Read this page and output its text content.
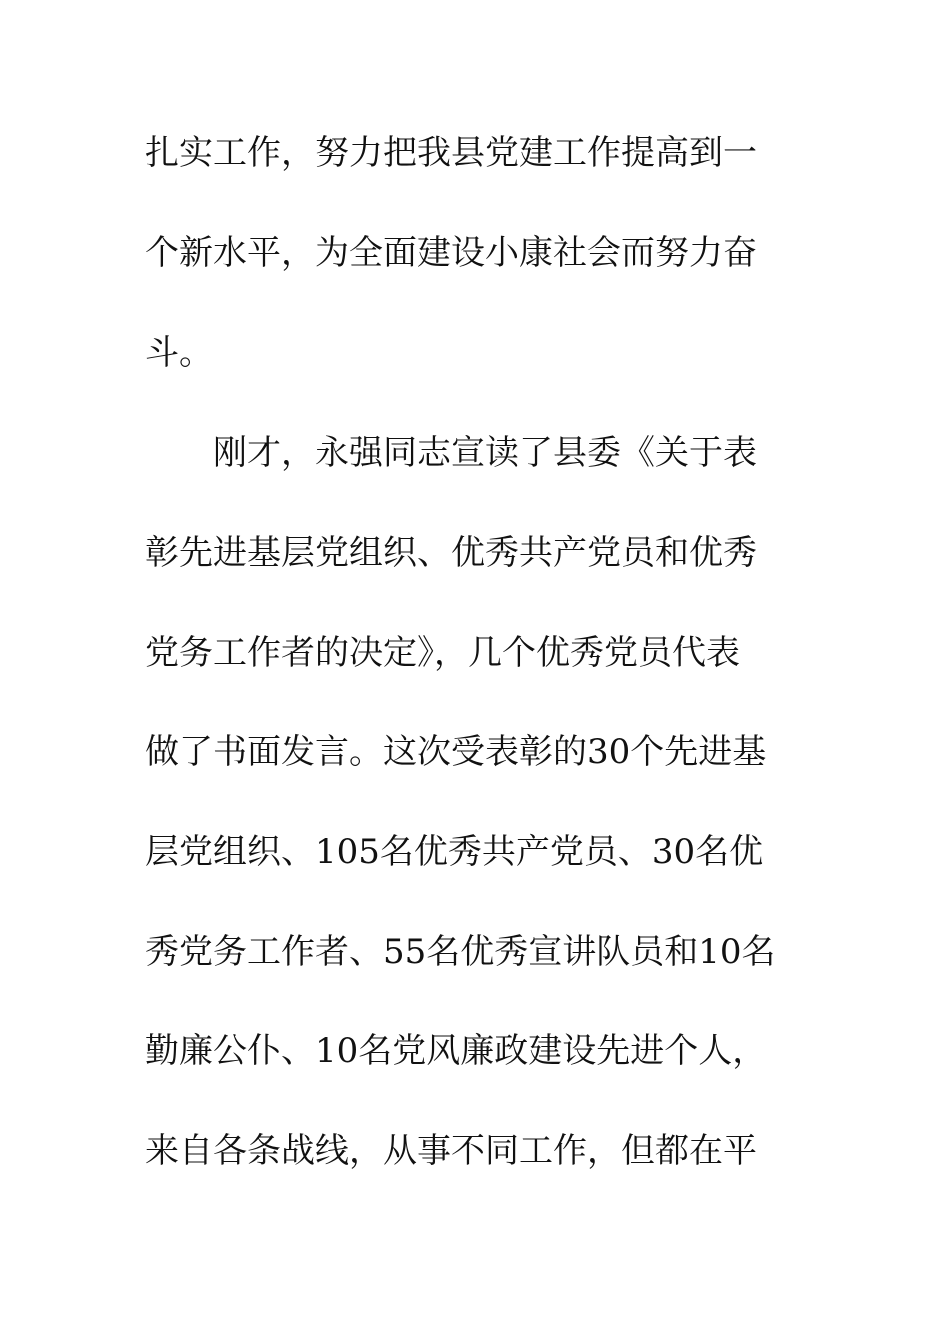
扎实工作，努力把我县党建工作提高到一
个新水平，为全面建设小康社会而努力奋
斗。
　　刚才，永强同志宣读了县委《关于表
彰先进基层党组织、优秀共产党员和优秀
党务工作者的决定》，几个优秀党员代表
做了书面发言。这次受表彰的30个先进基
层党组织、105名优秀共产党员、30名优
秀党务工作者、55名优秀宣讲队员和10名
勤廉公仆、10名党风廉政建设先进个人，
来自各条战线，从事不同工作，但都在平
